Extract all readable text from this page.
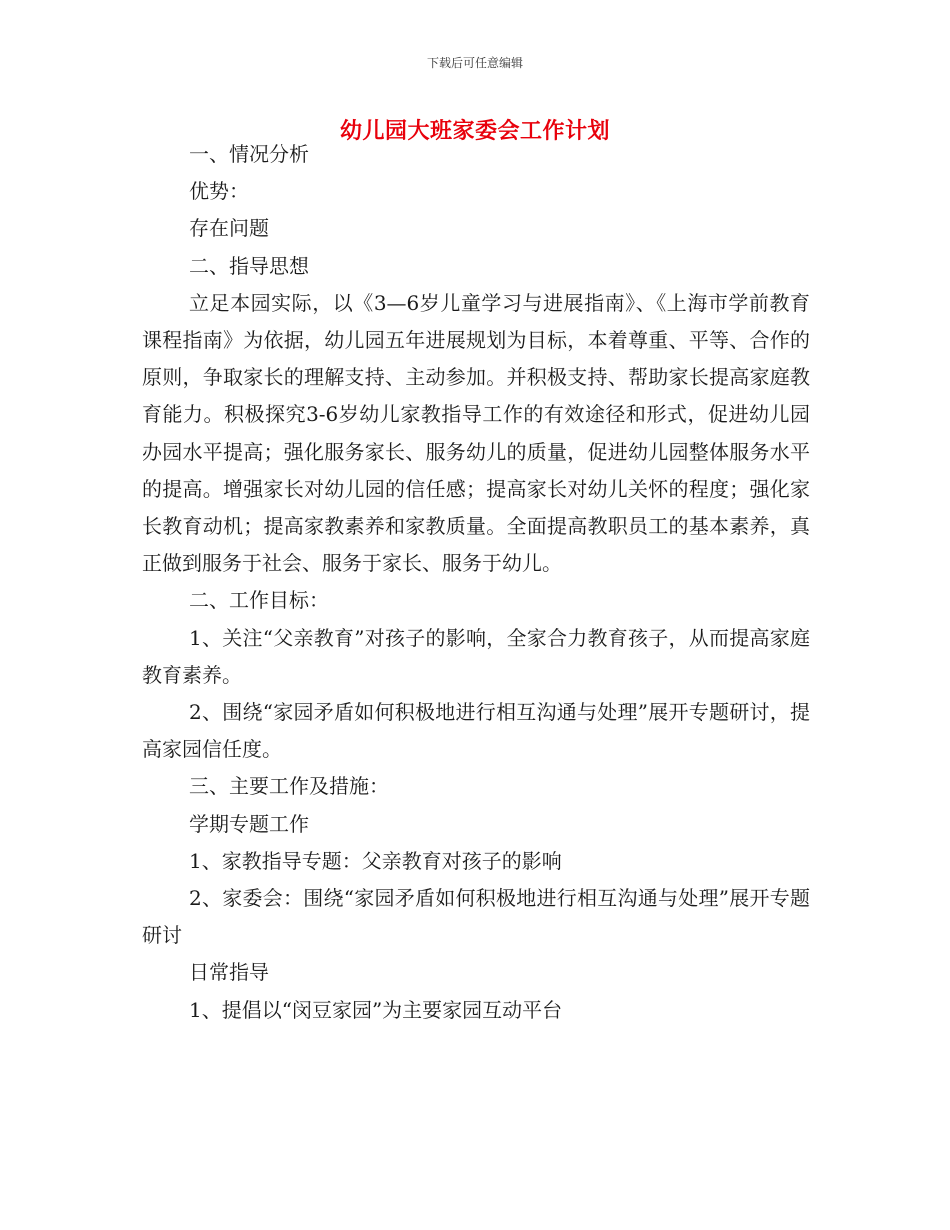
下载后可任意编辑
幼儿园大班家委会工作计划

一、情况分析

优势：

存在问题

二、指导思想

立足本园实际，以《3—6岁儿童学习与进展指南》、《上海市学前教育课程指南》为依据，幼儿园五年进展规划为目标，本着尊重、平等、合作的原则，争取家长的理解支持、主动参加。并积极支持、帮助家长提高家庭教育能力。积极探究3-6岁幼儿家教指导工作的有效途径和形式，促进幼儿园办园水平提高；强化服务家长、服务幼儿的质量，促进幼儿园整体服务水平的提高。增强家长对幼儿园的信任感；提高家长对幼儿关怀的程度；强化家长教育动机；提高家教素养和家教质量。全面提高教职员工的基本素养，真正做到服务于社会、服务于家长、服务于幼儿。

二、工作目标：

1、关注“父亲教育”对孩子的影响，全家合力教育孩子，从而提高家庭教育素养。

2、围绕“家园矛盾如何积极地进行相互沟通与处理”展开专题研讨，提高家园信任度。

三、主要工作及措施：

学期专题工作

1、家教指导专题：父亲教育对孩子的影响

2、家委会：围绕“家园矛盾如何积极地进行相互沟通与处理”展开专题研讨

日常指导

1、提倡以“闵豆家园”为主要家园互动平台
